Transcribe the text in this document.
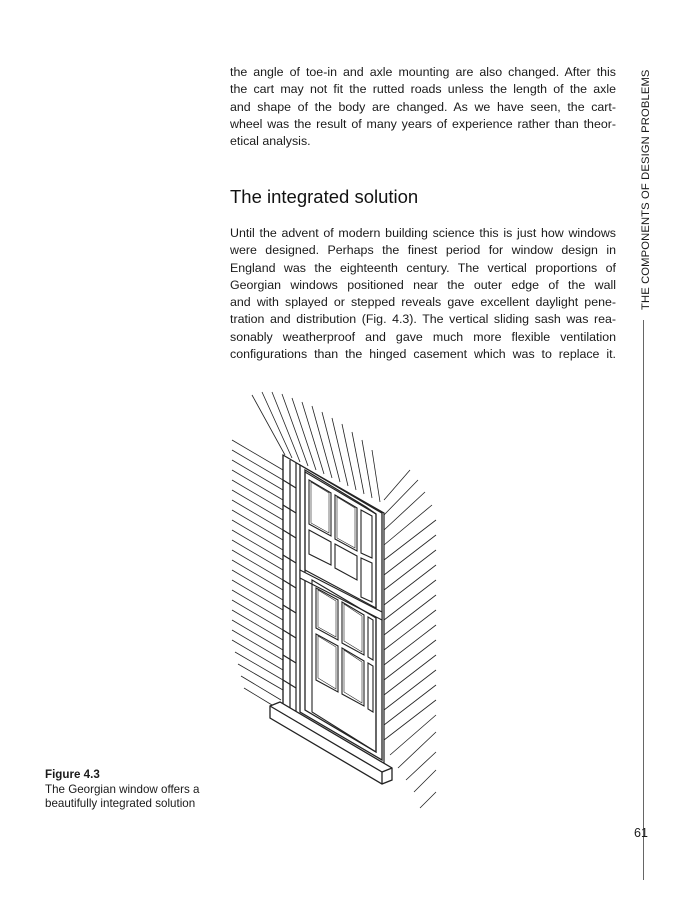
the angle of toe-in and axle mounting are also changed. After this

the cart may not fit the rutted roads unless the length of the axle

and shape of the body are changed. As we have seen, the cart-

wheel was the result of many years of experience rather than theor-

etical analysis.

The integrated solution

Until the advent of modern building science this is just how windows

were designed. Perhaps the finest period for window design in

England was the eighteenth century. The vertical proportions of

Georgian windows positioned near the outer edge of the wall

and with splayed or stepped reveals gave excellent daylight pene-

tration and distribution (Fig. 4.3). The vertical sliding sash was rea-

sonably weatherproof and gave much more flexible ventilation

configurations than the hinged casement which was to replace it.

THE COMPONENTS OF DESIGN PROBLEMS
61
Figure 4.3
The Georgian window offers a
beautifully integrated solution
